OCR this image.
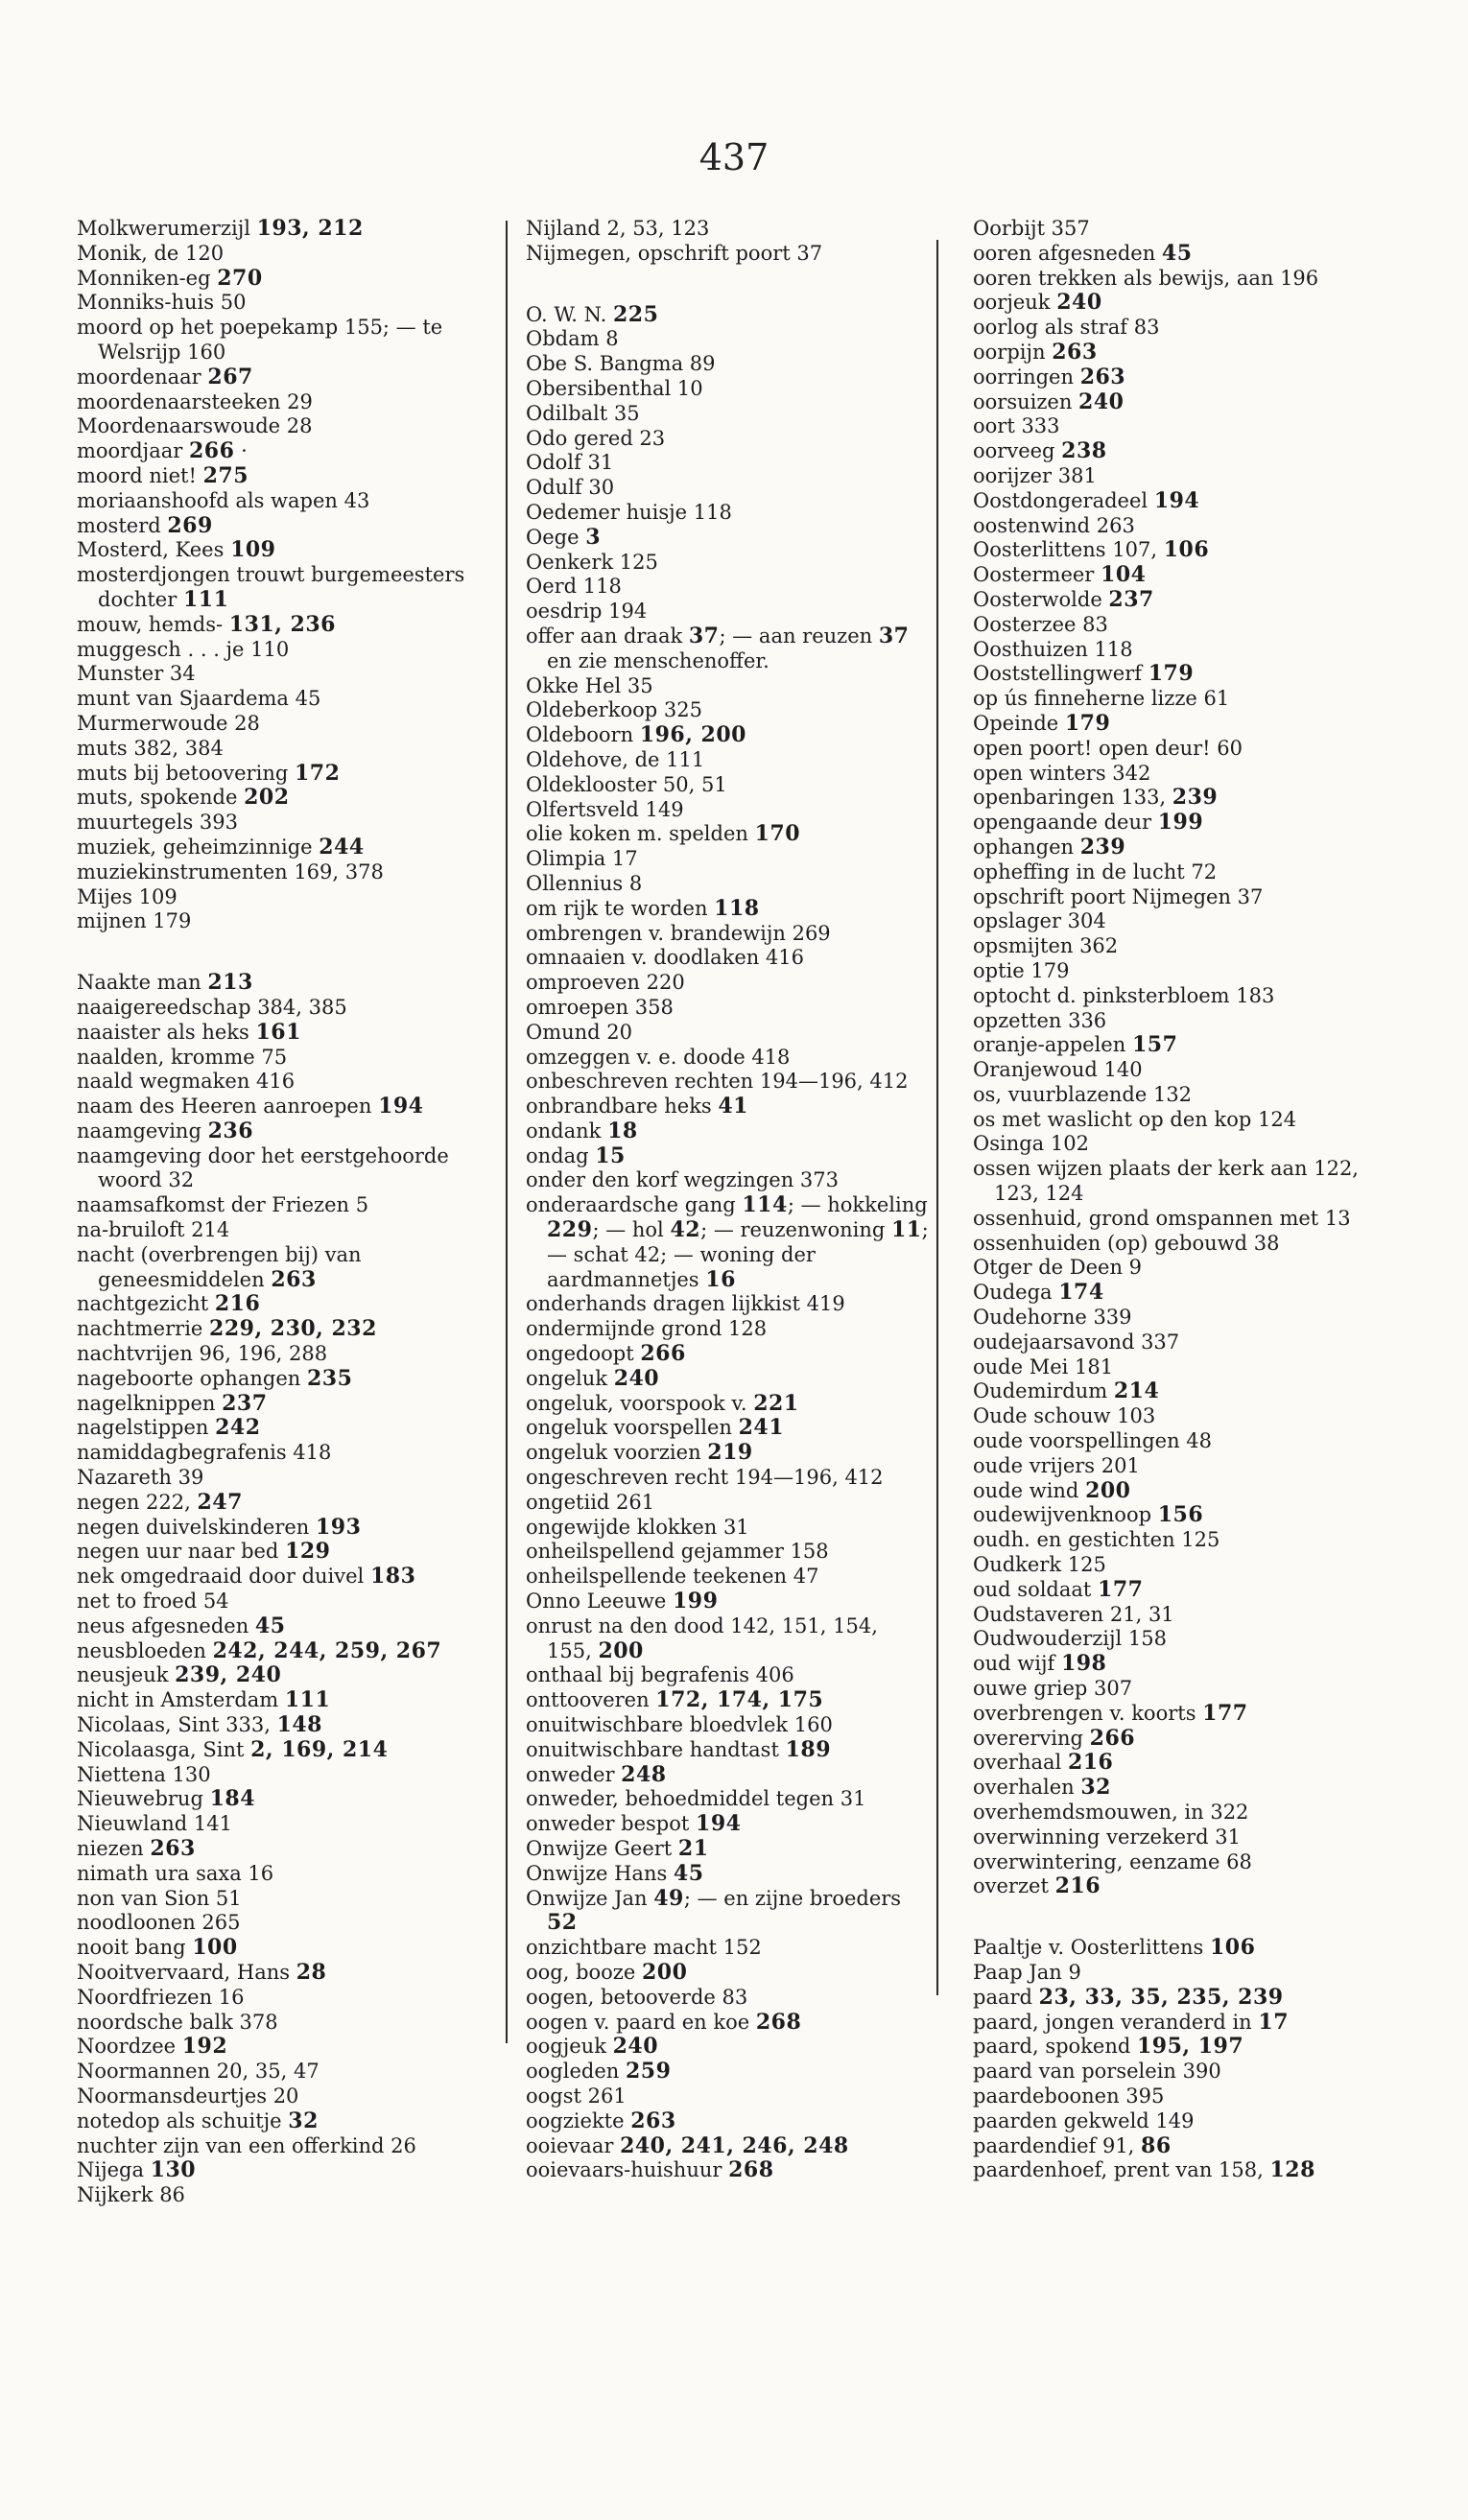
437
Molkwerumerzijl 193, 212
Monik, de 120
Monniken-eg 270
Monniks-huis 50
moord op het poepekamp 155; — te Welsrijp 160
moordenaar 267
moordenaarsteeken 29
Moordenaarswoude 28
moordjaar 266 ·
moord niet! 275
moriaanshoofd als wapen 43
mosterd 269
Mosterd, Kees 109
mosterdjongen trouwt burgemeesters dochter 111
mouw, hemds- 131, 236
muggesch . . . je 110
Munster 34
munt van Sjaardema 45
Murmerwoude 28
muts 382, 384
muts bij betoovering 172
muts, spokende 202
muurtegels 393
muziek, geheimzinnige 244
muziekinstrumenten 169, 378
Mijes 109
mijnen 179
Naakte man 213
naaigereedschap 384, 385
naaister als heks 161
naalden, kromme 75
naald wegmaken 416
naam des Heeren aanroepen 194
naamgeving 236
naamgeving door het eerstgehoorde woord 32
naamsafkomst der Friezen 5
na-bruiloft 214
nacht (overbrengen bij) van geneesmiddelen 263
nachtgezicht 216
nachtmerrie 229, 230, 232
nachtvrijen 96, 196, 288
nageboorte ophangen 235
nagelknippen 237
nagelstippen 242
namiddagbegrafenis 418
Nazareth 39
negen 222, 247
negen duivelskinderen 193
negen uur naar bed 129
nek omgedraaid door duivel 183
net to froed 54
neus afgesneden 45
neusbloeden 242, 244, 259, 267
neusjeuk 239, 240
nicht in Amsterdam 111
Nicolaas, Sint 333, 148
Nicolaasga, Sint 2, 169, 214
Niettena 130
Nieuwebrug 184
Nieuwland 141
niezen 263
nimath ura saxa 16
non van Sion 51
noodloonen 265
nooit bang 100
Nooitvervaard, Hans 28
Noordfriezen 16
noordsche balk 378
Noordzee 192
Noormannen 20, 35, 47
Noormansdeurtjes 20
notedop als schuitje 32
nuchter zijn van een offerkind 26
Nijega 130
Nijkerk 86
Nijland 2, 53, 123
Nijmegen, opschrift poort 37
O. W. N. 225
Obdam 8
Obe S. Bangma 89
Obersibenthal 10
Odilbalt 35
Odo gered 23
Odolf 31
Odulf 30
Oedemer huisje 118
Oege 3
Oenkerk 125
Oerd 118
oesdrip 194
offer aan draak 37; — aan reuzen 37 en zie menschenoffer.
Okke Hel 35
Oldeberkoop 325
Oldeboorn 196, 200
Oldehove, de 111
Oldeklooster 50, 51
Olfertsveld 149
olie koken m. spelden 170
Olimpia 17
Ollennius 8
om rijk te worden 118
ombrengen v. brandewijn 269
omnaaien v. doodlaken 416
omproeven 220
omroepen 358
Omund 20
omzeggen v. e. doode 418
onbeschreven rechten 194—196, 412
onbrandbare heks 41
ondank 18
ondag 15
onder den korf wegzingen 373
onderaardsche gang 114; — hokkeling 229; — hol 42; — reuzenwoning 11; — schat 42; — woning der aardmannetjes 16
onderhands dragen lijkkist 419
ondermijnde grond 128
ongedoopt 266
ongeluk 240
ongeluk, voorspook v. 221
ongeluk voorspellen 241
ongeluk voorzien 219
ongeschreven recht 194—196, 412
ongetiid 261
ongewijde klokken 31
onheilspellend gejammer 158
onheilspellende teekenen 47
Onno Leeuwe 199
onrust na den dood 142, 151, 154, 155, 200
onthaal bij begrafenis 406
onttooveren 172, 174, 175
onuitwischbare bloedvlek 160
onuitwischbare handtast 189
onweder 248
onweder, behoedmiddel tegen 31
onweder bespot 194
Onwijze Geert 21
Onwijze Hans 45
Onwijze Jan 49; — en zijne broeders 52
onzichtbare macht 152
oog, booze 200
oogen, betooverde 83
oogen v. paard en koe 268
oogjeuk 240
oogleden 259
oogst 261
oogziekte 263
ooievaar 240, 241, 246, 248
ooievaars-huishuur 268
Oorbijt 357
ooren afgesneden 45
ooren trekken als bewijs, aan 196
oorjeuk 240
oorlog als straf 83
oorpijn 263
oorringen 263
oorsuizen 240
oort 333
oorveeg 238
oorijzer 381
Oostdongeradeel 194
oostenwind 263
Oosterlittens 107, 106
Oostermeer 104
Oosterwolde 237
Oosterzee 83
Oosthuizen 118
Ooststellingwerf 179
op ús finneherne lizze 61
Opeinde 179
open poort! open deur! 60
open winters 342
openbaringen 133, 239
opengaande deur 199
ophangen 239
opheffing in de lucht 72
opschrift poort Nijmegen 37
opslager 304
opsmijten 362
optie 179
optocht d. pinksterbloem 183
opzetten 336
oranje-appelen 157
Oranjewoud 140
os, vuurblazende 132
os met waslicht op den kop 124
Osinga 102
ossen wijzen plaats der kerk aan 122, 123, 124
ossenhuid, grond omspannen met 13
ossenhuiden (op) gebouwd 38
Otger de Deen 9
Oudega 174
Oudehorne 339
oudejaarsavond 337
oude Mei 181
Oudemirdum 214
Oude schouw 103
oude voorspellingen 48
oude vrijers 201
oude wind 200
oudewijvenknoop 156
oudh. en gestichten 125
Oudkerk 125
oud soldaat 177
Oudstaveren 21, 31
Oudwouderzijl 158
oud wijf 198
ouwe griep 307
overbrengen v. koorts 177
overerving 266
overhaal 216
overhalen 32
overhemdsmouwen, in 322
overwinning verzekerd 31
overwintering, eenzame 68
overzet 216
Paaltje v. Oosterlittens 106
Paap Jan 9
paard 23, 33, 35, 235, 239
paard, jongen veranderd in 17
paard, spokend 195, 197
paard van porselein 390
paardeboonen 395
paarden gekweld 149
paardendief 91, 86
paardenhoef, prent van 158, 128
